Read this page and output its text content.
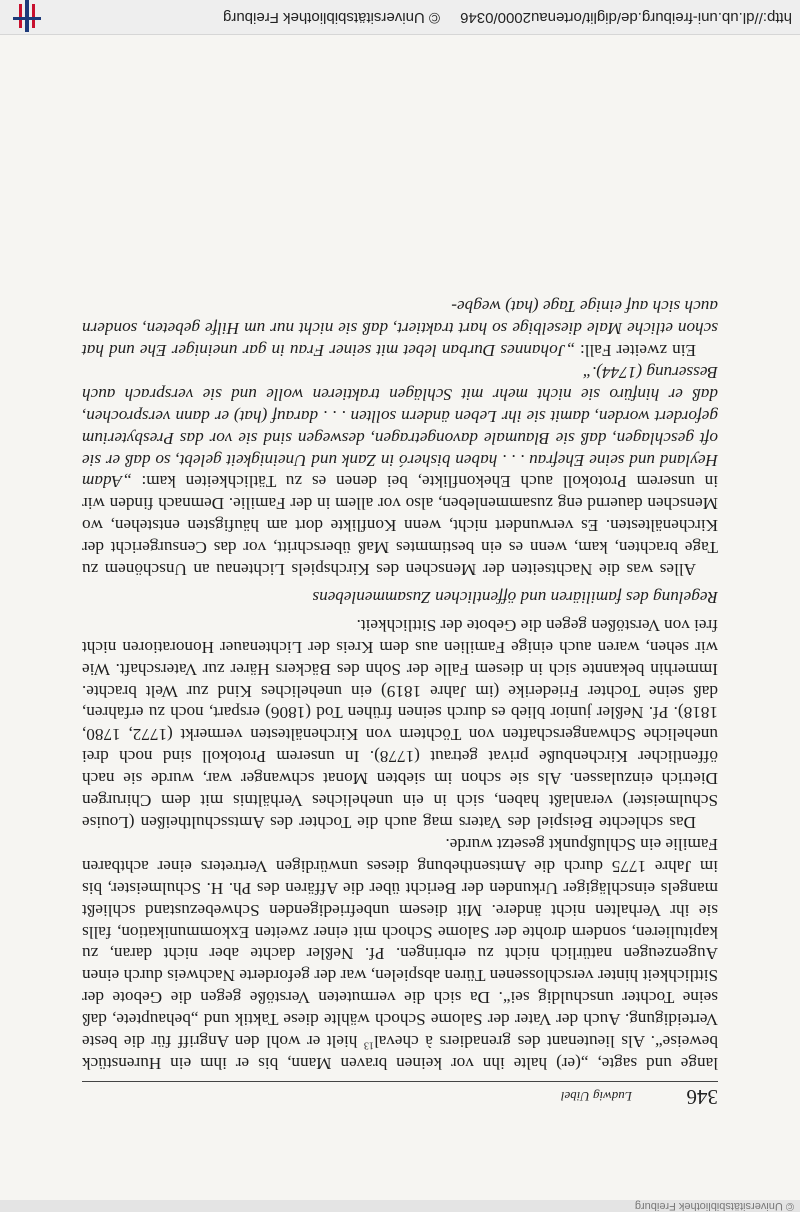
© Universitätsbibliothek Freiburg
346
Ludwig Uibel

lange und sagte, „(er) halte ihn vor keinen braven Mann, bis er ihm ein Hurenstück beweise“. Als lieutenant des grenadiers à cheval$^{13}$ hielt er wohl den Angriff für die beste Verteidigung. Auch der Vater der Salome Schoch wählte diese Taktik und „behauptete, daß seine Tochter unschuldig sei“. Da sich die vermuteten Verstöße gegen die Gebote der Sittlichkeit hinter verschlossenen Türen abspielen, war der geforderte Nachweis durch einen Augenzeugen natürlich nicht zu erbringen. Pf. Neßler dachte aber nicht daran, zu kapitulieren, sondern drohte der Salome Schoch mit einer zweiten Exkommunikation, falls sie ihr Verhalten nicht ändere. Mit diesem unbefriedigenden Schwebezustand schließt mangels einschlägiger Urkunden der Bericht über die Affären des Ph. H. Schulmeister, bis im Jahre 1775 durch die Amtsenthebung dieses unwürdigen Vertreters einer achtbaren Familie ein Schlußpunkt gesetzt wurde.

Das schlechte Beispiel des Vaters mag auch die Tochter des Amtsschultheißen (Louise Schulmeister) veranlaßt haben, sich in ein uneheliches Verhältnis mit dem Chirurgen Dietrich einzulassen. Als sie schon im siebten Monat schwanger war, wurde sie nach öffentlicher Kirchenbuße privat getraut (1778). In unserem Protokoll sind noch drei uneheliche Schwangerschaften von Töchtern von Kirchenältesten vermerkt (1772, 1780, 1818). Pf. Neßler junior blieb es durch seinen frühen Tod (1806) erspart, noch zu erfahren, daß seine Tochter Friederike (im Jahre 1819) ein uneheliches Kind zur Welt brachte. Immerhin bekannte sich in diesem Falle der Sohn des Bäckers Härer zur Vaterschaft. Wie wir sehen, waren auch einige Familien aus dem Kreis der Lichtenauer Honoratioren nicht frei von Verstößen gegen die Gebote der Sittlichkeit.

Regelung des familiären und öffentlichen Zusammenlebens

Alles was die Nachtseiten der Menschen des Kirchspiels Lichtenau an Unschönem zu Tage brachten, kam, wenn es ein bestimmtes Maß überschritt, vor das Censurgericht der Kirchenältesten. Es verwundert nicht, wenn Konflikte dort am häufigsten entstehen, wo Menschen dauernd eng zusammenleben, also vor allem in der Familie. Demnach finden wir in unserem Protokoll auch Ehekonflikte, bei denen es zu Tätlichkeiten kam: „Adam Heyland und seine Ehefrau . . . haben bisheró in Zank und Uneinigkeit gelebt, so daß er sie oft geschlagen, daß sie Blaumale davongetragen, deswegen sind sie vor das Presbyterium gefordert worden, damit sie ihr Leben ändern sollten . . . darauf (hat) er dann versprochen, daß er hinfüro sie nicht mehr mit Schlägen traktieren wolle und sie versprach auch Besserung (1744).“

Ein zweiter Fall: „Johannes Durban lebet mit seiner Frau in gar uneiniger Ehe und hat schon etliche Male dieselbige so hart traktiert, daß sie nicht nur um Hilfe gebeten, sondern auch sich auf einige Tage (hat) wegbe-

http://dl.ub.uni-freiburg.de/diglit/ortenau2000/0346
© Universitätsbibliothek Freiburg
